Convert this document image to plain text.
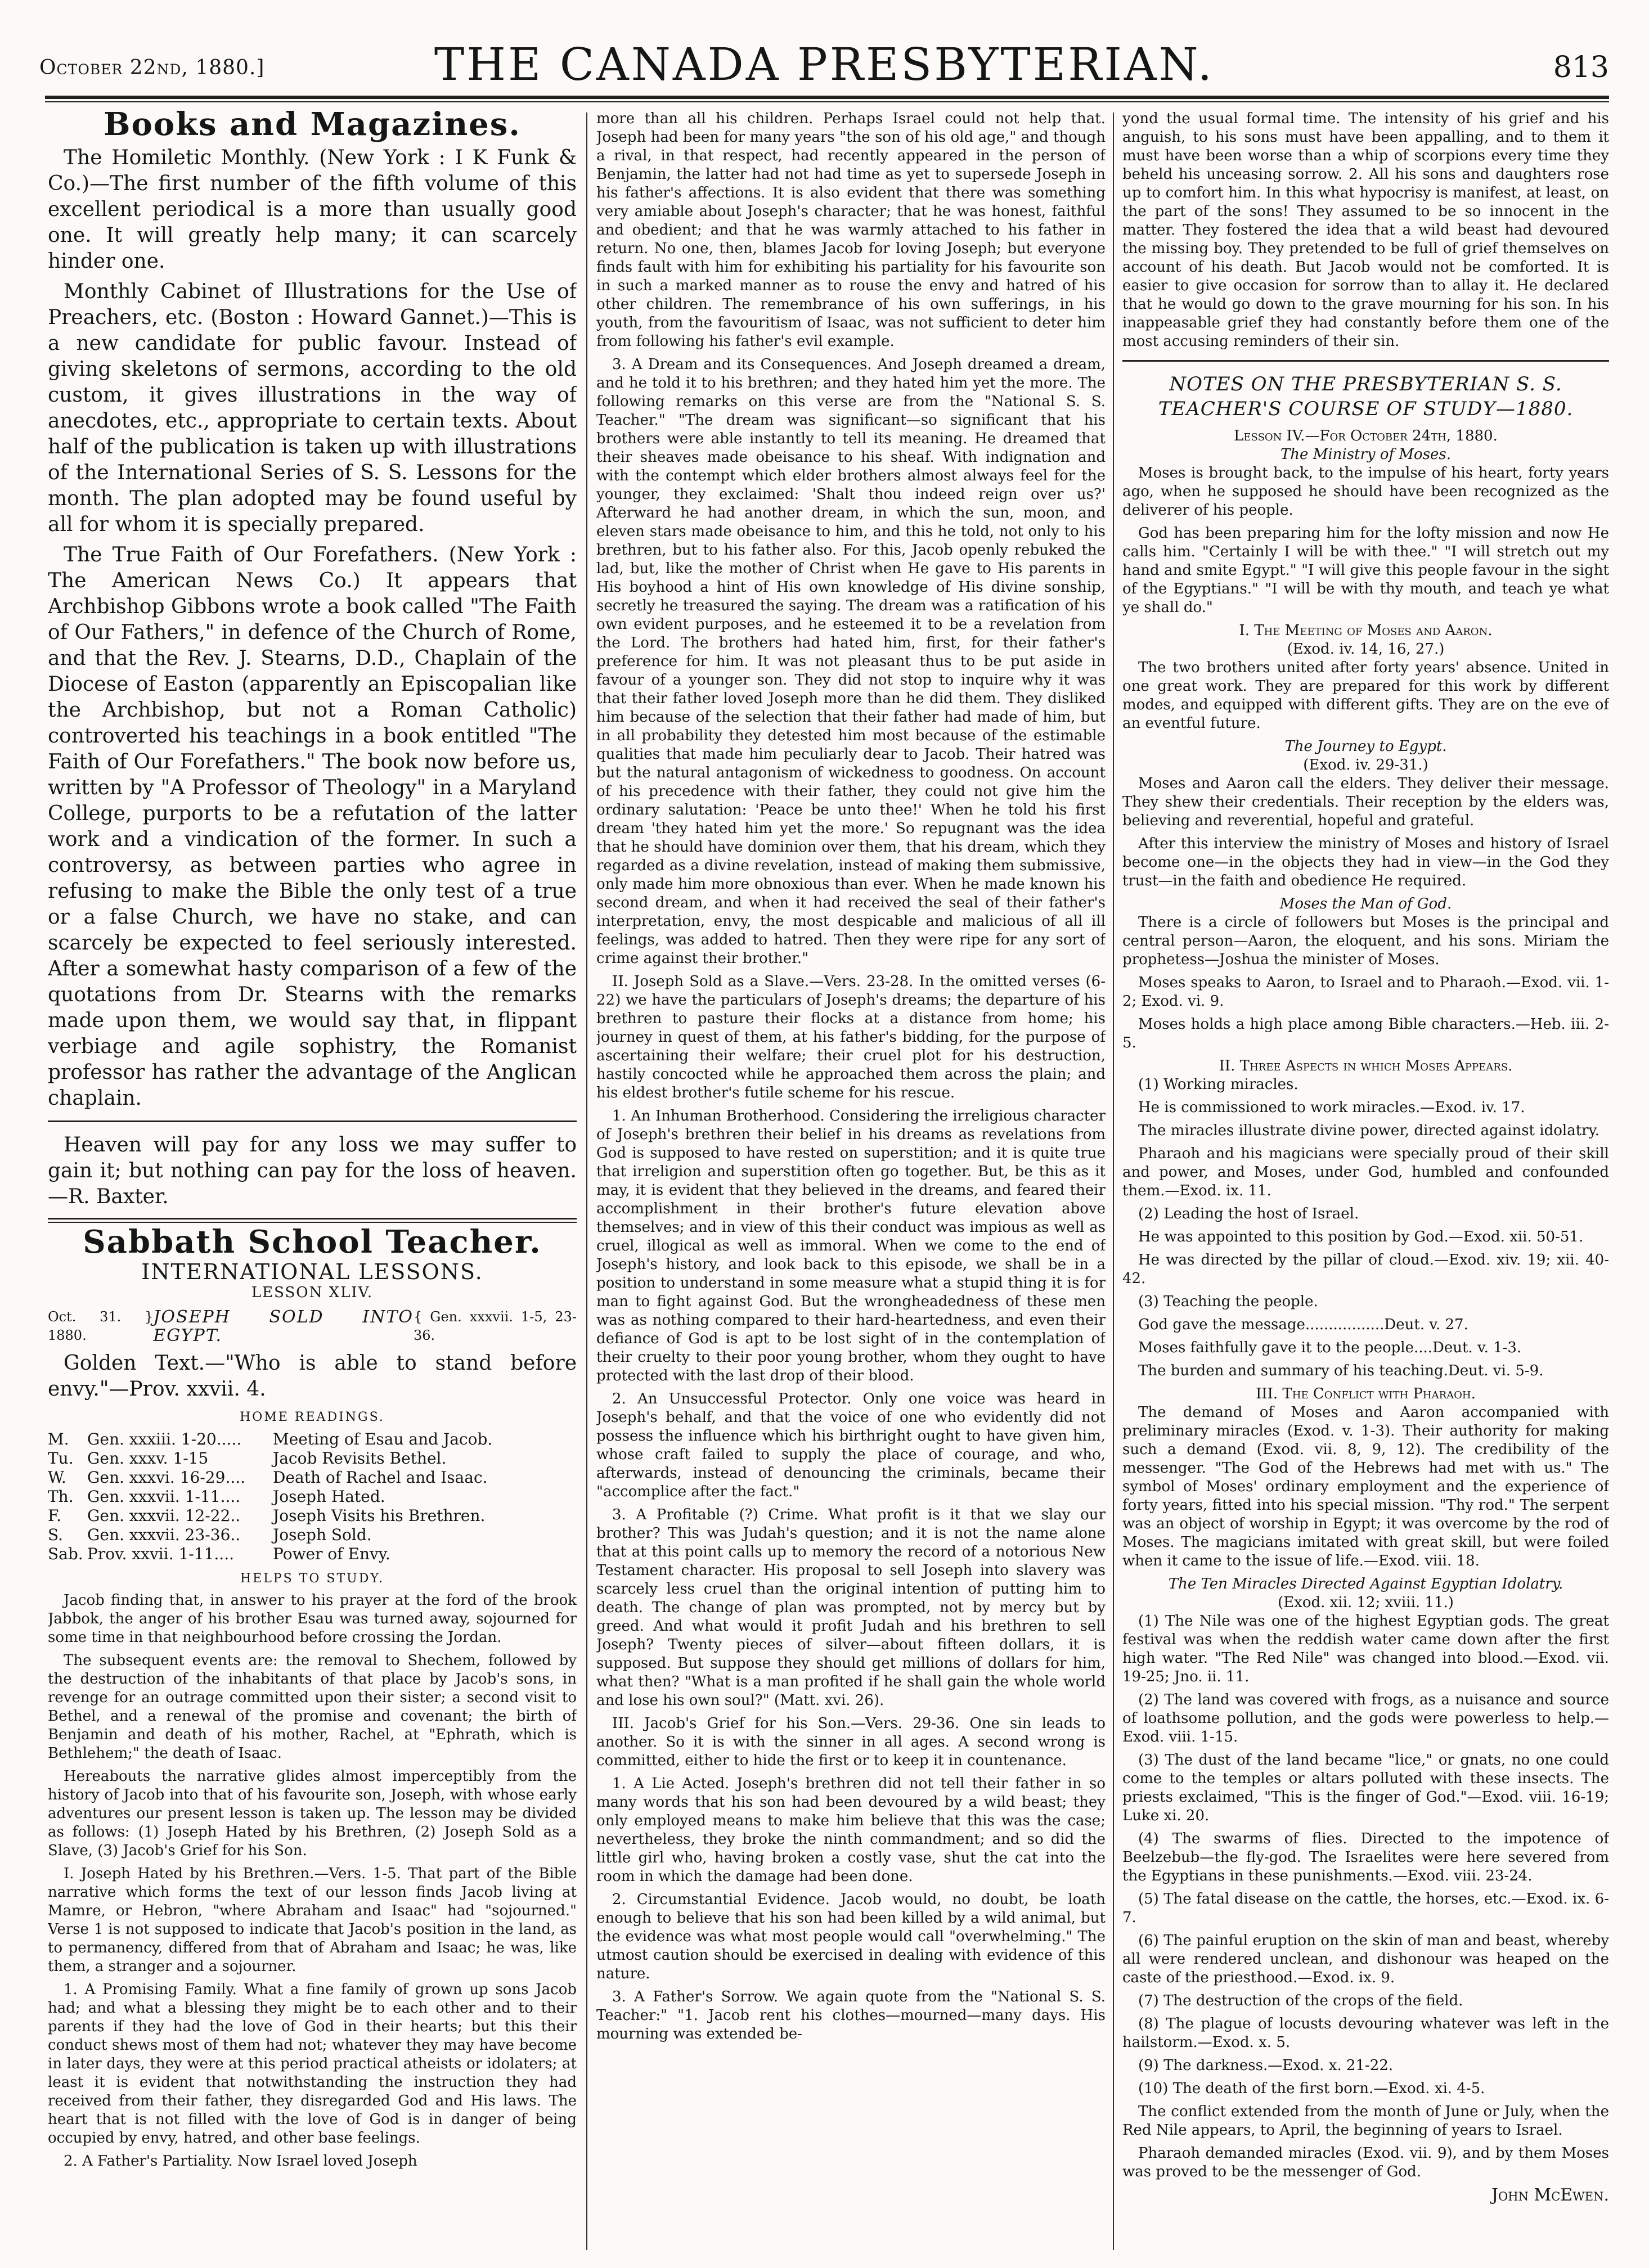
October 22nd, 1880.]	THE CANADA PRESBYTERIAN.	813
Books and Magazines.

The Homiletic Monthly. (New York : I K Funk & Co.)—The first number of the fifth volume of this excellent periodical is a more than usually good one. It will greatly help many; it can scarcely hinder one.

Monthly Cabinet of Illustrations for the Use of Preachers, etc. (Boston : Howard Gannet.)—This is a new candidate for public favour. Instead of giving skeletons of sermons, according to the old custom, it gives illustrations in the way of anecdotes, etc., appropriate to certain texts. About half of the publication is taken up with illustrations of the International Series of S. S. Lessons for the month. The plan adopted may be found useful by all for whom it is specially prepared.

The True Faith of Our Forefathers. (New York : The American News Co.) It appears that Archbishop Gibbons wrote a book called "The Faith of Our Fathers," in defence of the Church of Rome, and that the Rev. J. Stearns, D.D., Chaplain of the Diocese of Easton (apparently an Episcopalian like the Archbishop, but not a Roman Catholic) controverted his teachings in a book entitled "The Faith of Our Forefathers." The book now before us, written by "A Professor of Theology" in a Maryland College, purports to be a refutation of the latter work and a vindication of the former. In such a controversy, as between parties who agree in refusing to make the Bible the only test of a true or a false Church, we have no stake, and can scarcely be expected to feel seriously interested. After a somewhat hasty comparison of a few of the quotations from Dr. Stearns with the remarks made upon them, we would say that, in flippant verbiage and agile sophistry, the Romanist professor has rather the advantage of the Anglican chaplain.

Heaven will pay for any loss we may suffer to gain it; but nothing can pay for the loss of heaven.—R. Baxter.

Sabbath School Teacher.
INTERNATIONAL LESSONS.
LESSON XLIV.
Oct. 31. } 1880.
JOSEPH SOLD INTO EGYPT.
{ Gen. xxxvii. 1-5, 23-36.

Golden Text.—"Who is able to stand before envy."—Prov. xxvii. 4.

HOME READINGS.
M.	Gen. xxxiii. 1-20.....	Meeting of Esau and Jacob.
Tu.	Gen. xxxv. 1-15	Jacob Revisits Bethel.
W.	Gen. xxxvi. 16-29....	Death of Rachel and Isaac.
Th.	Gen. xxxvii. 1-11....	Joseph Hated.
F.	Gen. xxxvii. 12-22..	Joseph Visits his Brethren.
S.	Gen. xxxvii. 23-36..	Joseph Sold.
Sab.	Prov. xxvii. 1-11....	Power of Envy.
HELPS TO STUDY.

Jacob finding that, in answer to his prayer at the ford of the brook Jabbok, the anger of his brother Esau was turned away, sojourned for some time in that neighbourhood before crossing the Jordan.

The subsequent events are: the removal to Shechem, followed by the destruction of the inhabitants of that place by Jacob's sons, in revenge for an outrage committed upon their sister; a second visit to Bethel, and a renewal of the promise and covenant; the birth of Benjamin and death of his mother, Rachel, at "Ephrath, which is Bethlehem;" the death of Isaac.

Hereabouts the narrative glides almost imperceptibly from the history of Jacob into that of his favourite son, Joseph, with whose early adventures our present lesson is taken up. The lesson may be divided as follows: (1) Joseph Hated by his Brethren, (2) Joseph Sold as a Slave, (3) Jacob's Grief for his Son.

I. Joseph Hated by his Brethren.—Vers. 1-5. That part of the Bible narrative which forms the text of our lesson finds Jacob living at Mamre, or Hebron, "where Abraham and Isaac" had "sojourned." Verse 1 is not supposed to indicate that Jacob's position in the land, as to permanency, differed from that of Abraham and Isaac; he was, like them, a stranger and a sojourner.

1. A Promising Family. What a fine family of grown up sons Jacob had; and what a blessing they might be to each other and to their parents if they had the love of God in their hearts; but this their conduct shews most of them had not; whatever they may have become in later days, they were at this period practical atheists or idolaters; at least it is evident that notwithstanding the instruction they had received from their father, they disregarded God and His laws. The heart that is not filled with the love of God is in danger of being occupied by envy, hatred, and other base feelings.

2. A Father's Partiality. Now Israel loved Joseph

more than all his children. Perhaps Israel could not help that. Joseph had been for many years "the son of his old age," and though a rival, in that respect, had recently appeared in the person of Benjamin, the latter had not had time as yet to supersede Joseph in his father's affections. It is also evident that there was something very amiable about Joseph's character; that he was honest, faithful and obedient; and that he was warmly attached to his father in return. No one, then, blames Jacob for loving Joseph; but everyone finds fault with him for exhibiting his partiality for his favourite son in such a marked manner as to rouse the envy and hatred of his other children. The remembrance of his own sufferings, in his youth, from the favouritism of Isaac, was not sufficient to deter him from following his father's evil example.

3. A Dream and its Consequences. And Joseph dreamed a dream, and he told it to his brethren; and they hated him yet the more. The following remarks on this verse are from the "National S. S. Teacher." "The dream was significant—so significant that his brothers were able instantly to tell its meaning. He dreamed that their sheaves made obeisance to his sheaf. With indignation and with the contempt which elder brothers almost always feel for the younger, they exclaimed: 'Shalt thou indeed reign over us?' Afterward he had another dream, in which the sun, moon, and eleven stars made obeisance to him, and this he told, not only to his brethren, but to his father also. For this, Jacob openly rebuked the lad, but, like the mother of Christ when He gave to His parents in His boyhood a hint of His own knowledge of His divine sonship, secretly he treasured the saying. The dream was a ratification of his own evident purposes, and he esteemed it to be a revelation from the Lord. The brothers had hated him, first, for their father's preference for him. It was not pleasant thus to be put aside in favour of a younger son. They did not stop to inquire why it was that their father loved Joseph more than he did them. They disliked him because of the selection that their father had made of him, but in all probability they detested him most because of the estimable qualities that made him peculiarly dear to Jacob. Their hatred was but the natural antagonism of wickedness to goodness. On account of his precedence with their father, they could not give him the ordinary salutation: 'Peace be unto thee!' When he told his first dream 'they hated him yet the more.' So repugnant was the idea that he should have dominion over them, that his dream, which they regarded as a divine revelation, instead of making them submissive, only made him more obnoxious than ever. When he made known his second dream, and when it had received the seal of their father's interpretation, envy, the most despicable and malicious of all ill feelings, was added to hatred. Then they were ripe for any sort of crime against their brother."

II. Joseph Sold as a Slave.—Vers. 23-28. In the omitted verses (6-22) we have the particulars of Joseph's dreams; the departure of his brethren to pasture their flocks at a distance from home; his journey in quest of them, at his father's bidding, for the purpose of ascertaining their welfare; their cruel plot for his destruction, hastily concocted while he approached them across the plain; and his eldest brother's futile scheme for his rescue.

1. An Inhuman Brotherhood. Considering the irreligious character of Joseph's brethren their belief in his dreams as revelations from God is supposed to have rested on superstition; and it is quite true that irreligion and superstition often go together. But, be this as it may, it is evident that they believed in the dreams, and feared their accomplishment in their brother's future elevation above themselves; and in view of this their conduct was impious as well as cruel, illogical as well as immoral. When we come to the end of Joseph's history, and look back to this episode, we shall be in a position to understand in some measure what a stupid thing it is for man to fight against God. But the wrongheadedness of these men was as nothing compared to their hard-heartedness, and even their defiance of God is apt to be lost sight of in the contemplation of their cruelty to their poor young brother, whom they ought to have protected with the last drop of their blood.

2. An Unsuccessful Protector. Only one voice was heard in Joseph's behalf, and that the voice of one who evidently did not possess the influence which his birthright ought to have given him, whose craft failed to supply the place of courage, and who, afterwards, instead of denouncing the criminals, became their "accomplice after the fact."

3. A Profitable (?) Crime. What profit is it that we slay our brother? This was Judah's question; and it is not the name alone that at this point calls up to memory the record of a notorious New Testament character. His proposal to sell Joseph into slavery was scarcely less cruel than the original intention of putting him to death. The change of plan was prompted, not by mercy but by greed. And what would it profit Judah and his brethren to sell Joseph? Twenty pieces of silver—about fifteen dollars, it is supposed. But suppose they should get millions of dollars for him, what then? "What is a man profited if he shall gain the whole world and lose his own soul?" (Matt. xvi. 26).

III. Jacob's Grief for his Son.—Vers. 29-36. One sin leads to another. So it is with the sinner in all ages. A second wrong is committed, either to hide the first or to keep it in countenance.

1. A Lie Acted. Joseph's brethren did not tell their father in so many words that his son had been devoured by a wild beast; they only employed means to make him believe that this was the case; nevertheless, they broke the ninth commandment; and so did the little girl who, having broken a costly vase, shut the cat into the room in which the damage had been done.

2. Circumstantial Evidence. Jacob would, no doubt, be loath enough to believe that his son had been killed by a wild animal, but the evidence was what most people would call "overwhelming." The utmost caution should be exercised in dealing with evidence of this nature.

3. A Father's Sorrow. We again quote from the "National S. S. Teacher:" "1. Jacob rent his clothes—mourned—many days. His mourning was extended be-

yond the usual formal time. The intensity of his grief and his anguish, to his sons must have been appalling, and to them it must have been worse than a whip of scorpions every time they beheld his unceasing sorrow. 2. All his sons and daughters rose up to comfort him. In this what hypocrisy is manifest, at least, on the part of the sons! They assumed to be so innocent in the matter. They fostered the idea that a wild beast had devoured the missing boy. They pretended to be full of grief themselves on account of his death. But Jacob would not be comforted. It is easier to give occasion for sorrow than to allay it. He declared that he would go down to the grave mourning for his son. In his inappeasable grief they had constantly before them one of the most accusing reminders of their sin.

NOTES ON THE PRESBYTERIAN S. S. TEACHER'S COURSE OF STUDY—1880.
Lesson IV.—For October 24th, 1880.
The Ministry of Moses.

Moses is brought back, to the impulse of his heart, forty years ago, when he supposed he should have been recognized as the deliverer of his people.

God has been preparing him for the lofty mission and now He calls him. "Certainly I will be with thee." "I will stretch out my hand and smite Egypt." "I will give this people favour in the sight of the Egyptians." "I will be with thy mouth, and teach ye what ye shall do."

I. The Meeting of Moses and Aaron.
(Exod. iv. 14, 16, 27.)

The two brothers united after forty years' absence. United in one great work. They are prepared for this work by different modes, and equipped with different gifts. They are on the eve of an eventful future.

The Journey to Egypt.
(Exod. iv. 29-31.)

Moses and Aaron call the elders. They deliver their message. They shew their credentials. Their reception by the elders was, believing and reverential, hopeful and grateful.

After this interview the ministry of Moses and history of Israel become one—in the objects they had in view—in the God they trust—in the faith and obedience He required.

Moses the Man of God.

There is a circle of followers but Moses is the principal and central person—Aaron, the eloquent, and his sons. Miriam the prophetess—Joshua the minister of Moses.

Moses speaks to Aaron, to Israel and to Pharaoh.—Exod. vii. 1-2; Exod. vi. 9.

Moses holds a high place among Bible characters.—Heb. iii. 2-5.

II. Three Aspects in which Moses Appears.

(1) Working miracles.

He is commissioned to work miracles.—Exod. iv. 17.

The miracles illustrate divine power, directed against idolatry.

Pharaoh and his magicians were specially proud of their skill and power, and Moses, under God, humbled and confounded them.—Exod. ix. 11.

(2) Leading the host of Israel.

He was appointed to this position by God.—Exod. xii. 50-51.

He was directed by the pillar of cloud.—Exod. xiv. 19; xii. 40-42.

(3) Teaching the people.

God gave the message.................Deut. v. 27.

Moses faithfully gave it to the people....Deut. v. 1-3.

The burden and summary of his teaching.Deut. vi. 5-9.

III. The Conflict with Pharaoh.

The demand of Moses and Aaron accompanied with preliminary miracles (Exod. v. 1-3). Their authority for making such a demand (Exod. vii. 8, 9, 12). The credibility of the messenger. "The God of the Hebrews had met with us." The symbol of Moses' ordinary employment and the experience of forty years, fitted into his special mission. "Thy rod." The serpent was an object of worship in Egypt; it was overcome by the rod of Moses. The magicians imitated with great skill, but were foiled when it came to the issue of life.—Exod. viii. 18.

The Ten Miracles Directed Against Egyptian Idolatry.
(Exod. xii. 12; xviii. 11.)

(1) The Nile was one of the highest Egyptian gods. The great festival was when the reddish water came down after the first high water. "The Red Nile" was changed into blood.—Exod. vii. 19-25; Jno. ii. 11.

(2) The land was covered with frogs, as a nuisance and source of loathsome pollution, and the gods were powerless to help.—Exod. viii. 1-15.

(3) The dust of the land became "lice," or gnats, no one could come to the temples or altars polluted with these insects. The priests exclaimed, "This is the finger of God."—Exod. viii. 16-19; Luke xi. 20.

(4) The swarms of flies. Directed to the impotence of Beelzebub—the fly-god. The Israelites were here severed from the Egyptians in these punishments.—Exod. viii. 23-24.

(5) The fatal disease on the cattle, the horses, etc.—Exod. ix. 6-7.

(6) The painful eruption on the skin of man and beast, whereby all were rendered unclean, and dishonour was heaped on the caste of the priesthood.—Exod. ix. 9.

(7) The destruction of the crops of the field.

(8) The plague of locusts devouring whatever was left in the hailstorm.—Exod. x. 5.

(9) The darkness.—Exod. x. 21-22.

(10) The death of the first born.—Exod. xi. 4-5.

The conflict extended from the month of June or July, when the Red Nile appears, to April, the beginning of years to Israel.

Pharaoh demanded miracles (Exod. vii. 9), and by them Moses was proved to be the messenger of God.

John McEwen.
